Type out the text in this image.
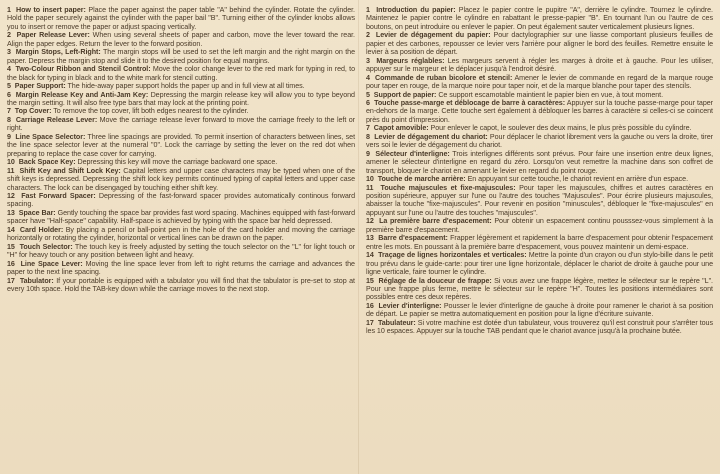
1 How to insert paper: Place the paper against the paper table "A" behind the cylinder. Rotate the cylinder. Hold the paper securely against the cylinder with the paper bail "B". Turning either of the cylinder knobs allows you to insert or remove the paper or adjust spacing vertically.

2 Paper Release Lever: When using several sheets of paper and carbon, move the lever toward the rear. Align the paper edges. Return the lever to the forward position.

3 Margin Stops, Left-Right: The margin stops will be used to set the left margin and the right margin on the paper. Depress the margin stop and slide it to the desired position for equal margins.

4 Two-Colour Ribbon and Stencil Control: Move the color change lever to the red mark for typing in red, to the black for typing in black and to the white mark for stencil cutting.

5 Paper Support: The hide-away paper support holds the paper up and in full view at all times.

6 Margin Release Key and Anti-Jam Key: Depressing the margin release key will allow you to type beyond the margin setting. It will also free type bars that may lock at the printing point.

7 Top Cover: To remove the top cover, lift both edges nearest to the cylinder.

8 Carriage Release Lever: Move the carriage release lever forward to move the carriage freely to the left or right.

9 Line Space Selector: Three line spacings are provided. To permit insertion of characters between lines, set the line space selector lever at the numeral "0". Lock the carriage by setting the lever on the red dot when preparing to replace the case cover for carrying.

10 Back Space Key: Depressing this key will move the carriage backward one space.

11 Shift Key and Shift Lock Key: Capital letters and upper case characters may be typed when one of the shift keys is depressed. Depressing the shift lock key permits continued typing of capital letters and upper case characters. The lock can be disengaged by touching either shift key.

12 Fast Forward Spacer: Depressing of the fast-forward spacer provides automatically continous forward spacing.

13 Space Bar: Gently touching the space bar provides fast word spacing. Machines equipped with fast-forward spacer have "Half-space" capability. Half-space is achieved by typing with the space bar held depressed.

14 Card Holder: By placing a pencil or ball-point pen in the hole of the card holder and moving the carriage horizontally or rotating the cylinder, horizontal or vertical lines can be drawn on the paper.

15 Touch Selector: The touch key is freely adjusted by setting the touch selector on the "L" for light touch or "H" for heavy touch or any position between light and heavy.

16 Line Space Lever: Moving the line space lever from left to right returns the carriage and advances the paper to the next line spacing.

17 Tabulator: If your portable is equipped with a tabulator you will find that the tabulator is pre-set to stop at every 10th space. Hold the TAB-key down while the carriage moves to the next stop.

1 Introduction du papier: Placez le papier contre le pupitre "A", derrière le cylindre. Tournez le cylindre. Maintenez le papier contre le cylindre en rabattant le presse-papier "B". En tournant l'un ou l'autre de ces boutons, on peut introduire ou enlever le papier. On peut également sauter verticalement plusieurs lignes.

2 Levier de dégagement du papier: Pour dactylographier sur une liasse comportant plusieurs feuilles de papier et des carbones, repousser ce levier vers l'arrière pour aligner le bord des feuilles. Remettre ensuite le levier à sa position de départ.

3 Margeurs réglables: Les margeurs servent à régler les marges à droite et à gauche. Pour les utiliser, appuyer sur le margeur et le déplacer jusqu'à l'endroit désiré.

4 Commande de ruban bicolore et stencil: Amener le levier de commande en regard de la marque rouge pour taper en rouge, de la marque noire pour taper noir, et de la marque blanche pour taper des stencils.

5 Support de papier: Ce support escamotable maintient le papier bien en vue, à tout moment.

6 Touche passe-marge et déblocage de barre à caractères: Appuyer sur la touche passe-marge pour taper en-dehors de la marge. Cette touche sert également à débloquer les barres à caractère si celles-ci se coincent près du point d'impression.

7 Capot amovible: Pour enlever le capot, le soulever des deux mains, le plus près possible du cylindre.

8 Levier de dégagement du chariot: Pour déplacer le chariot librement vers la gauche ou vers la droite, tirer vers soi le levier de dégagement du chariot.

9 Sélecteur d'interligne: Trois interlignes différents sont prévus. Pour faire une insertion entre deux lignes, amener le sélecteur d'interligne en regard du zéro. Lorsqu'on veut remettre la machine dans son coffret de transport, bloquer le chariot en amenant le levier en regard du point rouge.

10 Touche de marche arrière: En appuyant sur cette touche, le chariot revient en arrière d'un espace.

11 Touche majuscules et fixe-majuscules: Pour taper les majuscules, chiffres et autres caractères en position supérieure, appuyer sur l'une ou l'autre des touches "Majuscules". Pour écrire plusieurs majuscules, abaisser la touche "fixe-majuscules". Pour revenir en position "minuscules", débloquer le "fixe-majuscules" en appuyant sur l'une ou l'autre des touches "majuscules".

12 La première barre d'espacement: Pour obtenir un espacement continu pousssez-vous simplement à la première barre d'espacement.

13 Barre d'espacement: Frapper légèrement et rapidement la barre d'espacement pour obtenir l'espacement entre les mots. En poussant à la première barre d'espacement, vous pouvez maintenir un demi-espace.

14 Traçage de lignes horizontales et verticales: Mettre la pointe d'un crayon ou d'un stylo-bille dans le petit trou prévu dans le guide-carte: pour tirer une ligne horizontale, déplacer le chariot de droite à gauche pour une ligne verticale, faire tourner le cylindre.

15 Réglage de la douceur de frappe: Si vous avez une frappe légère, mettez le sélecteur sur le repère "L". Pour une frappe plus ferme, mettre le sélecteur sur le repère "H". Toutes les positions intermédiaires sont possibles entre ces deux repères.

16 Levier d'interligne: Pousser le levier d'interligne de gauche à droite pour ramener le chariot à sa position de départ. Le papier se mettra automatiquement en position pour la ligne d'écriture suivante.

17 Tabulateur: Si votre machine est dotée d'un tabulateur, vous trouverez qu'il est construit pour s'arrêter tous les 10 espaces. Appuyer sur la touche TAB pendant que le chariot avance jusqu'à la prochaine butée.
